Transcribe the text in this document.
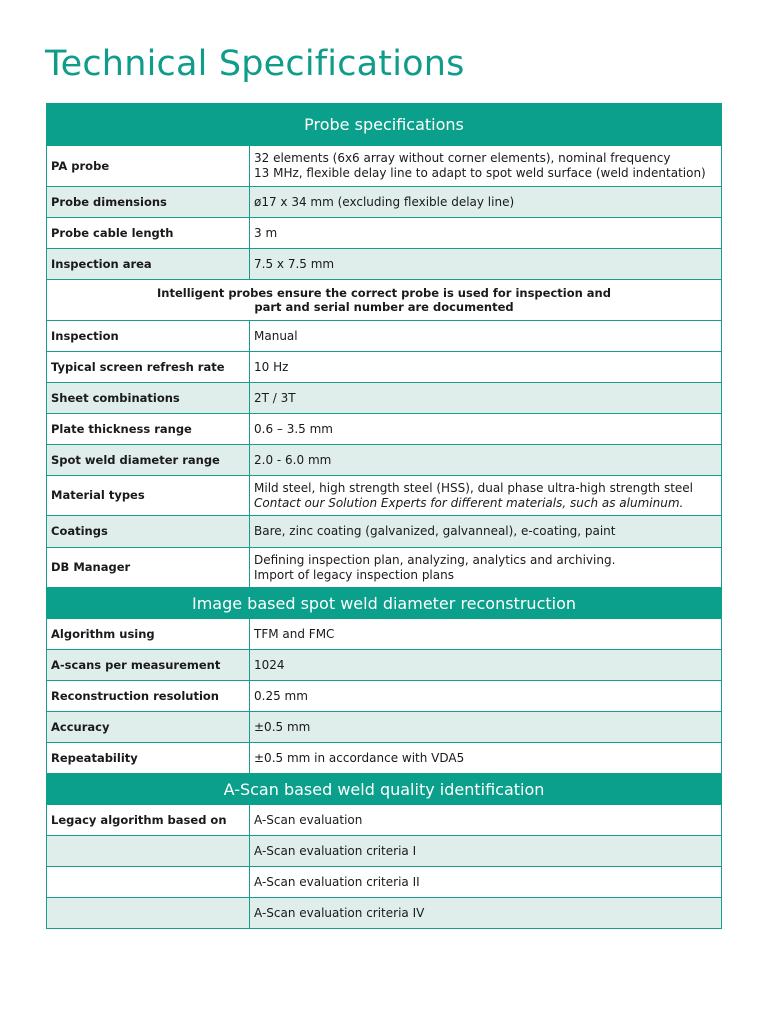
Technical Specifications
Probe specifications	
PA probe	32 elements (6x6 array without corner elements), nominal frequency
13 MHz, flexible delay line to adapt to spot weld surface (weld indentation)

Probe dimensions	ø17 x 34 mm (excluding flexible delay line)
Probe cable length	3 m
Inspection area	7.5 x 7.5 mm

Intelligent probes ensure the correct probe is used for inspection and
part and serial number are documented	

Inspection	Manual
Typical screen refresh rate	10 Hz
Sheet combinations	2T / 3T
Plate thickness range	0.6 – 3.5 mm
Spot weld diameter range	2.0 - 6.0 mm
Material types	Mild steel, high strength steel (HSS), dual phase ultra-high strength steel
Contact our Solution Experts for different materials, such as aluminum.

Coatings	Bare, zinc coating (galvanized, galvanneal), e-coating, paint
DB Manager	Defining inspection plan, analyzing, analytics and archiving.
Import of legacy inspection plans

Image based spot weld diameter reconstruction	
Algorithm using	TFM and FMC
A-scans per measurement	1024
Reconstruction resolution	0.25 mm
Accuracy	±0.5 mm
Repeatability	±0.5 mm in accordance with VDA5
A-Scan based weld quality identification	
Legacy algorithm based on	A-Scan evaluation
	A-Scan evaluation criteria I
	A-Scan evaluation criteria II
	A-Scan evaluation criteria IV
